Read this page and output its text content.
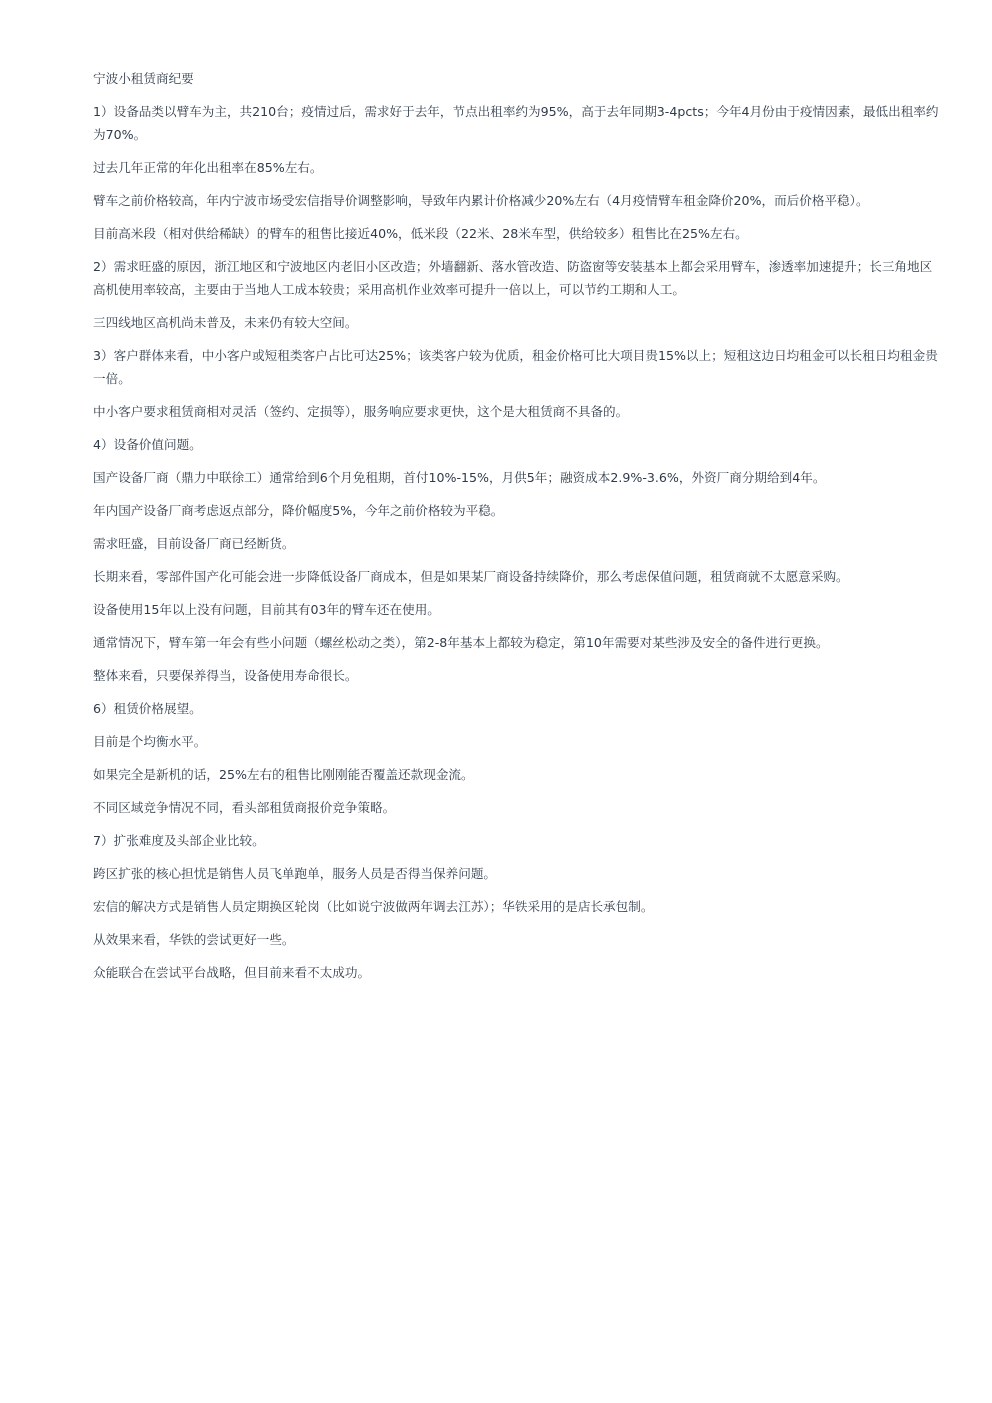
宁波小租赁商纪要

1）设备品类以臂车为主，共210台；疫情过后，需求好于去年，节点出租率约为95%，高于去年同期3-4pcts；今年4月份由于疫情因素，最低出租率约为70%。

过去几年正常的年化出租率在85%左右。

臂车之前价格较高，年内宁波市场受宏信指导价调整影响，导致年内累计价格减少20%左右（4月疫情臂车租金降价20%，而后价格平稳）。

目前高米段（相对供给稀缺）的臂车的租售比接近40%，低米段（22米、28米车型，供给较多）租售比在25%左右。

2）需求旺盛的原因，浙江地区和宁波地区内老旧小区改造；外墙翻新、落水管改造、防盗窗等安装基本上都会采用臂车，渗透率加速提升；长三角地区高机使用率较高，主要由于当地人工成本较贵；采用高机作业效率可提升一倍以上，可以节约工期和人工。

三四线地区高机尚未普及，未来仍有较大空间。

3）客户群体来看，中小客户或短租类客户占比可达25%；该类客户较为优质，租金价格可比大项目贵15%以上；短租这边日均租金可以长租日均租金贵一倍。

中小客户要求租赁商相对灵活（签约、定损等），服务响应要求更快，这个是大租赁商不具备的。

4）设备价值问题。

国产设备厂商（鼎力中联徐工）通常给到6个月免租期，首付10%-15%，月供5年；融资成本2.9%-3.6%，外资厂商分期给到4年。

年内国产设备厂商考虑返点部分，降价幅度5%，今年之前价格较为平稳。

需求旺盛，目前设备厂商已经断货。

长期来看，零部件国产化可能会进一步降低设备厂商成本，但是如果某厂商设备持续降价，那么考虑保值问题，租赁商就不太愿意采购。

设备使用15年以上没有问题，目前其有03年的臂车还在使用。

通常情况下，臂车第一年会有些小问题（螺丝松动之类），第2-8年基本上都较为稳定，第10年需要对某些涉及安全的备件进行更换。

整体来看，只要保养得当，设备使用寿命很长。

6）租赁价格展望。

目前是个均衡水平。

如果完全是新机的话，25%左右的租售比刚刚能否覆盖还款现金流。

不同区域竞争情况不同，看头部租赁商报价竞争策略。

7）扩张难度及头部企业比较。

跨区扩张的核心担忧是销售人员飞单跑单，服务人员是否得当保养问题。

宏信的解决方式是销售人员定期换区轮岗（比如说宁波做两年调去江苏）；华铁采用的是店长承包制。

从效果来看，华铁的尝试更好一些。

众能联合在尝试平台战略，但目前来看不太成功。
